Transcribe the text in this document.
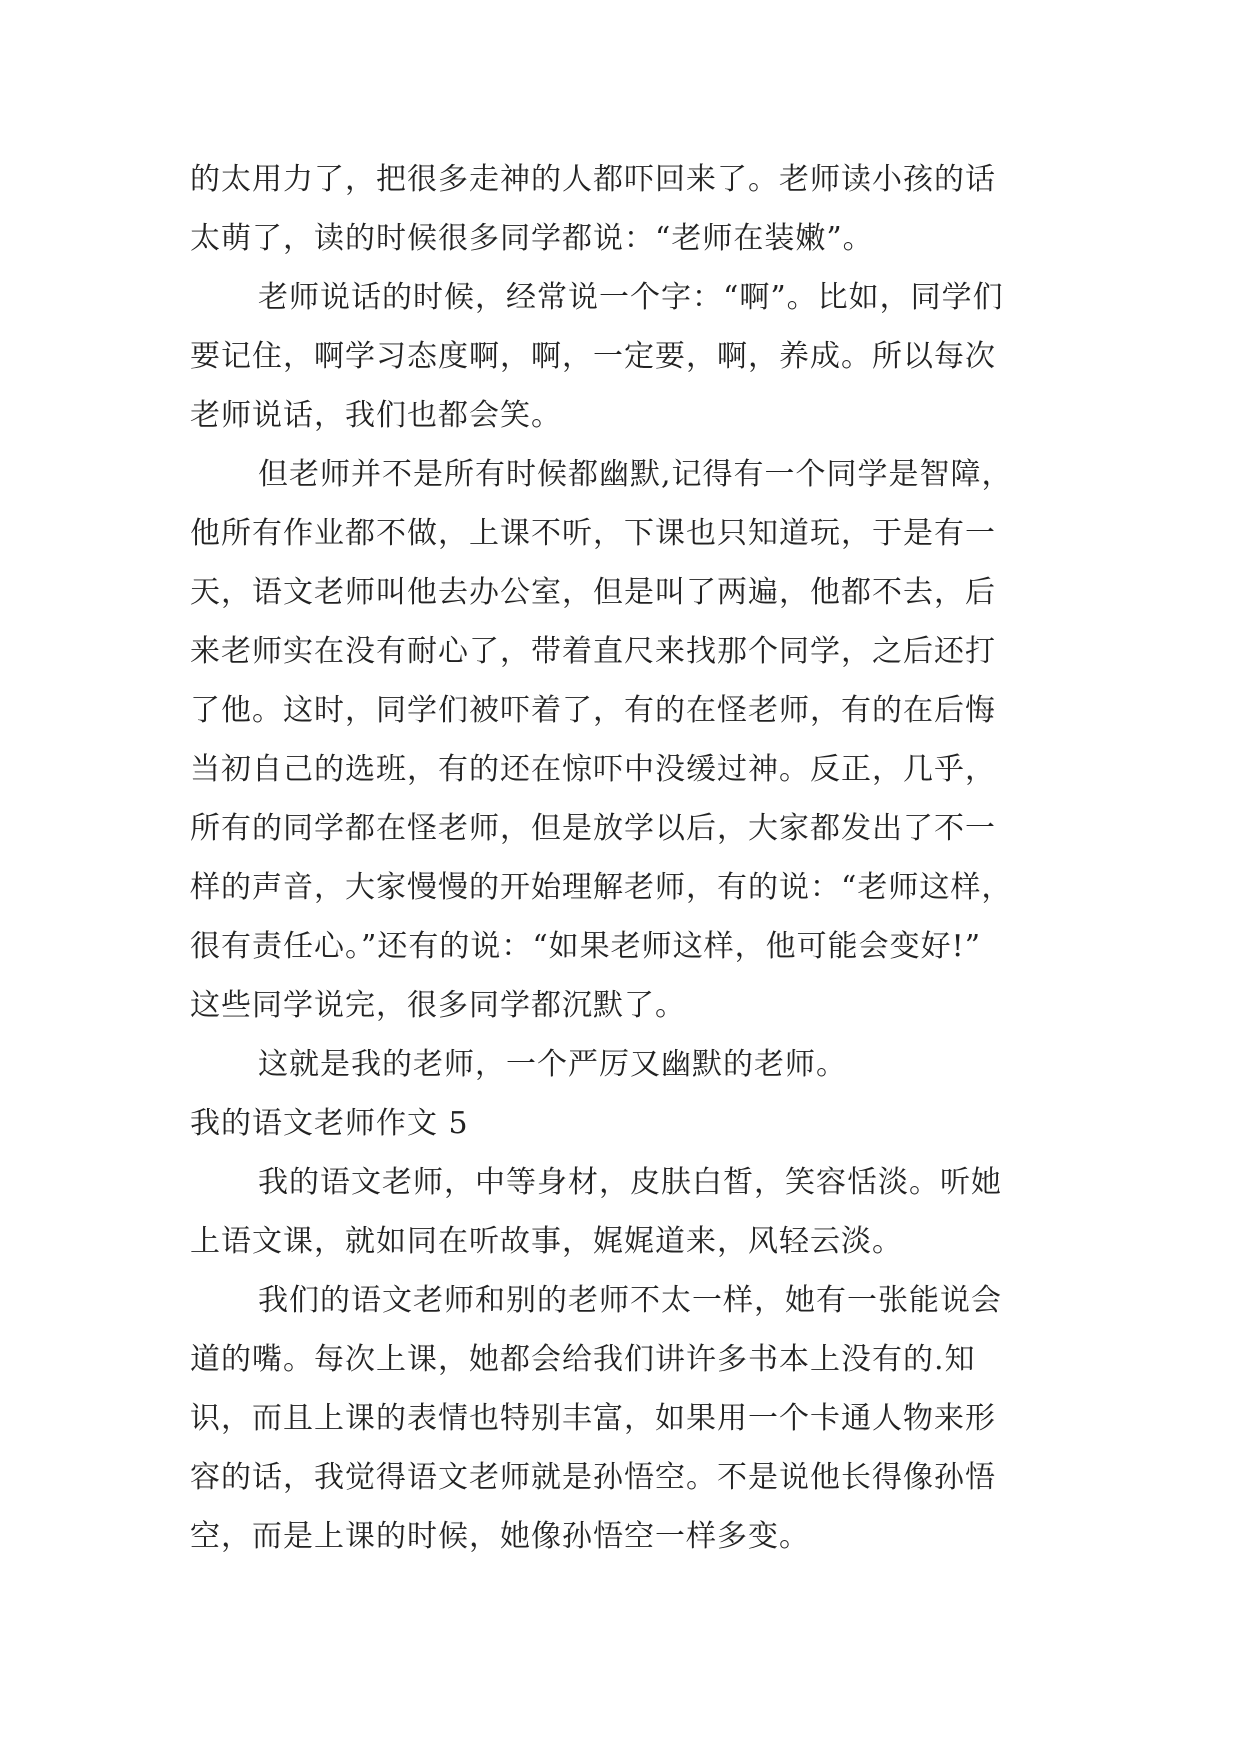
的太用力了，把很多走神的人都吓回来了。老师读小孩的话
太萌了，读的时候很多同学都说：“老师在装嫩”。
老师说话的时候，经常说一个字：“啊”。比如，同学们
要记住，啊学习态度啊，啊，一定要，啊，养成。所以每次
老师说话，我们也都会笑。
但老师并不是所有时候都幽默,记得有一个同学是智障，
他所有作业都不做，上课不听，下课也只知道玩，于是有一
天，语文老师叫他去办公室，但是叫了两遍，他都不去，后
来老师实在没有耐心了，带着直尺来找那个同学，之后还打
了他。这时，同学们被吓着了，有的在怪老师，有的在后悔
当初自己的选班，有的还在惊吓中没缓过神。反正，几乎，
所有的同学都在怪老师，但是放学以后，大家都发出了不一
样的声音，大家慢慢的开始理解老师，有的说：“老师这样，
很有责任心。”还有的说：“如果老师这样，他可能会变好!”
这些同学说完，很多同学都沉默了。
这就是我的老师，一个严厉又幽默的老师。
我的语文老师作文 5
我的语文老师，中等身材，皮肤白皙，笑容恬淡。听她
上语文课，就如同在听故事，娓娓道来，风轻云淡。
我们的语文老师和别的老师不太一样，她有一张能说会
道的嘴。每次上课，她都会给我们讲许多书本上没有的.知
识，而且上课的表情也特别丰富，如果用一个卡通人物来形
容的话，我觉得语文老师就是孙悟空。不是说他长得像孙悟
空，而是上课的时候，她像孙悟空一样多变。
